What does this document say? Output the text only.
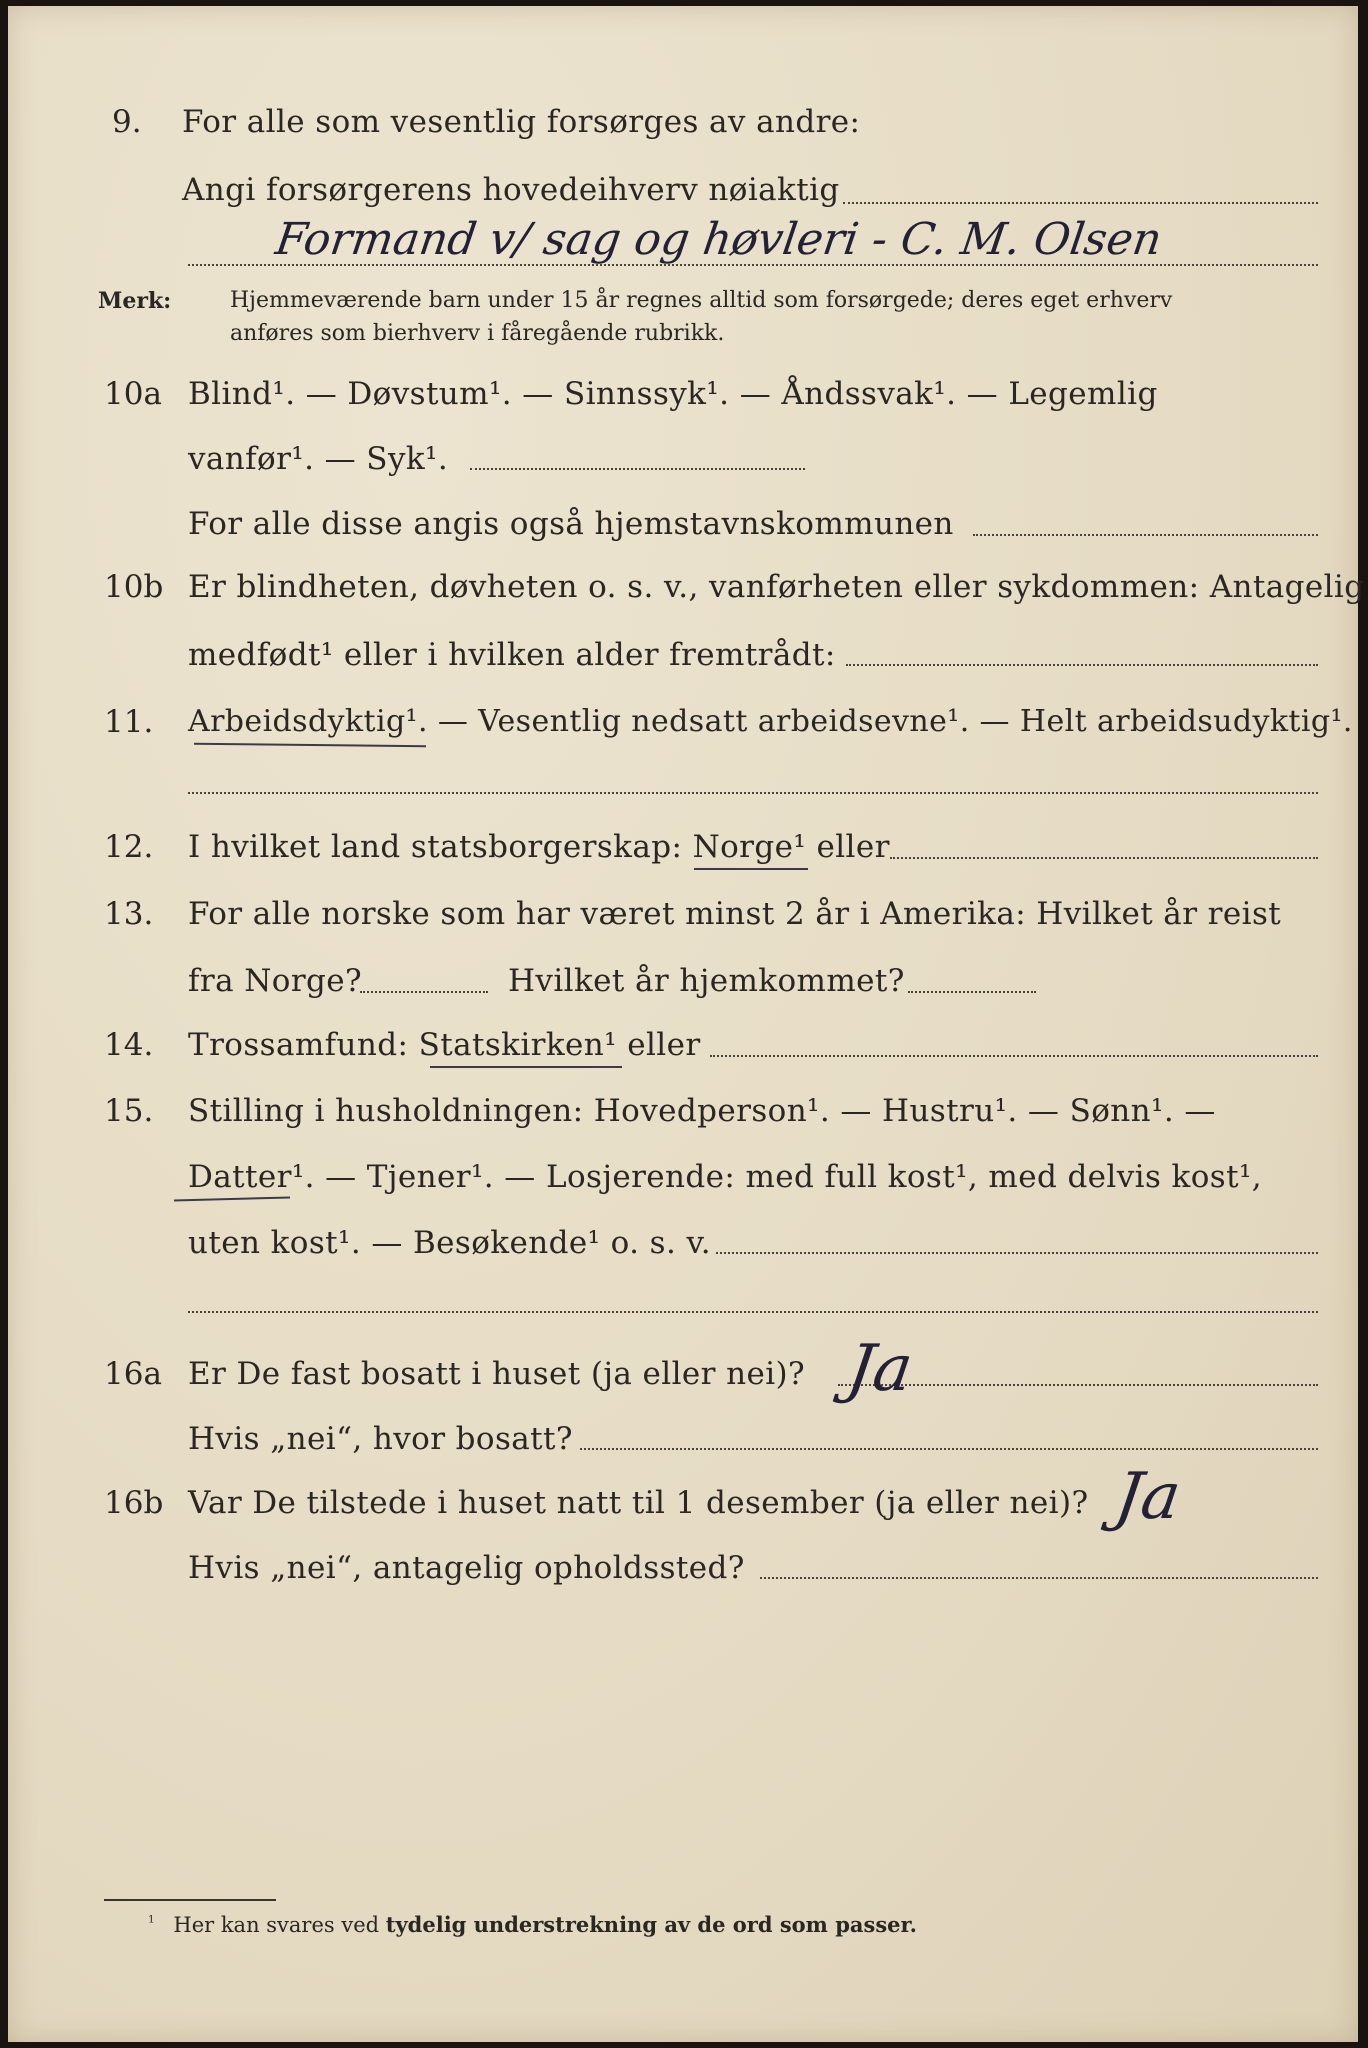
9. For alle som vesentlig forsørges av andre:
Angi forsørgerens hovedeihverv nøiaktig
Formand v/ sag og høvleri - C. M. Olsen
Merk:	Hjemmeværende barn under 15 år regnes alltid som forsørgede; deres eget erhverv
anføres som bierhverv i fåregående rubrikk.
10a Blind¹. — Døvstum¹. — Sinnssyk¹. — Åndssvak¹. — Legemlig
vanfør¹. — Syk¹.
For alle disse angis også hjemstavnskommunen
10b Er blindheten, døvheten o. s. v., vanførheten eller sykdommen: Antagelig
medfødt¹ eller i hvilken alder fremtrådt:
11. Arbeidsdyktig¹. — Vesentlig nedsatt arbeidsevne¹. — Helt arbeidsudyktig¹.
12. I hvilket land statsborgerskap: Norge¹ eller
13. For alle norske som har været minst 2 år i Amerika: Hvilket år reist
fra Norge?	Hvilket år hjemkommet?
14. Trossamfund: Statskirken¹ eller
15. Stilling i husholdningen: Hovedperson¹. — Hustru¹. — Sønn¹. —
Datter¹. — Tjener¹. — Losjerende: med full kost¹, med delvis kost¹,
uten kost¹. — Besøkende¹ o. s. v.
16a Er De fast bosatt i huset (ja eller nei)? Ja
Hvis „nei“, hvor bosatt?
16b Var De tilstede i huset natt til 1 desember (ja eller nei)? Ja
Hvis „nei“, antagelig opholdssted?
$^1$ Her kan svares ved tydelig understrekning av de ord som passer.
